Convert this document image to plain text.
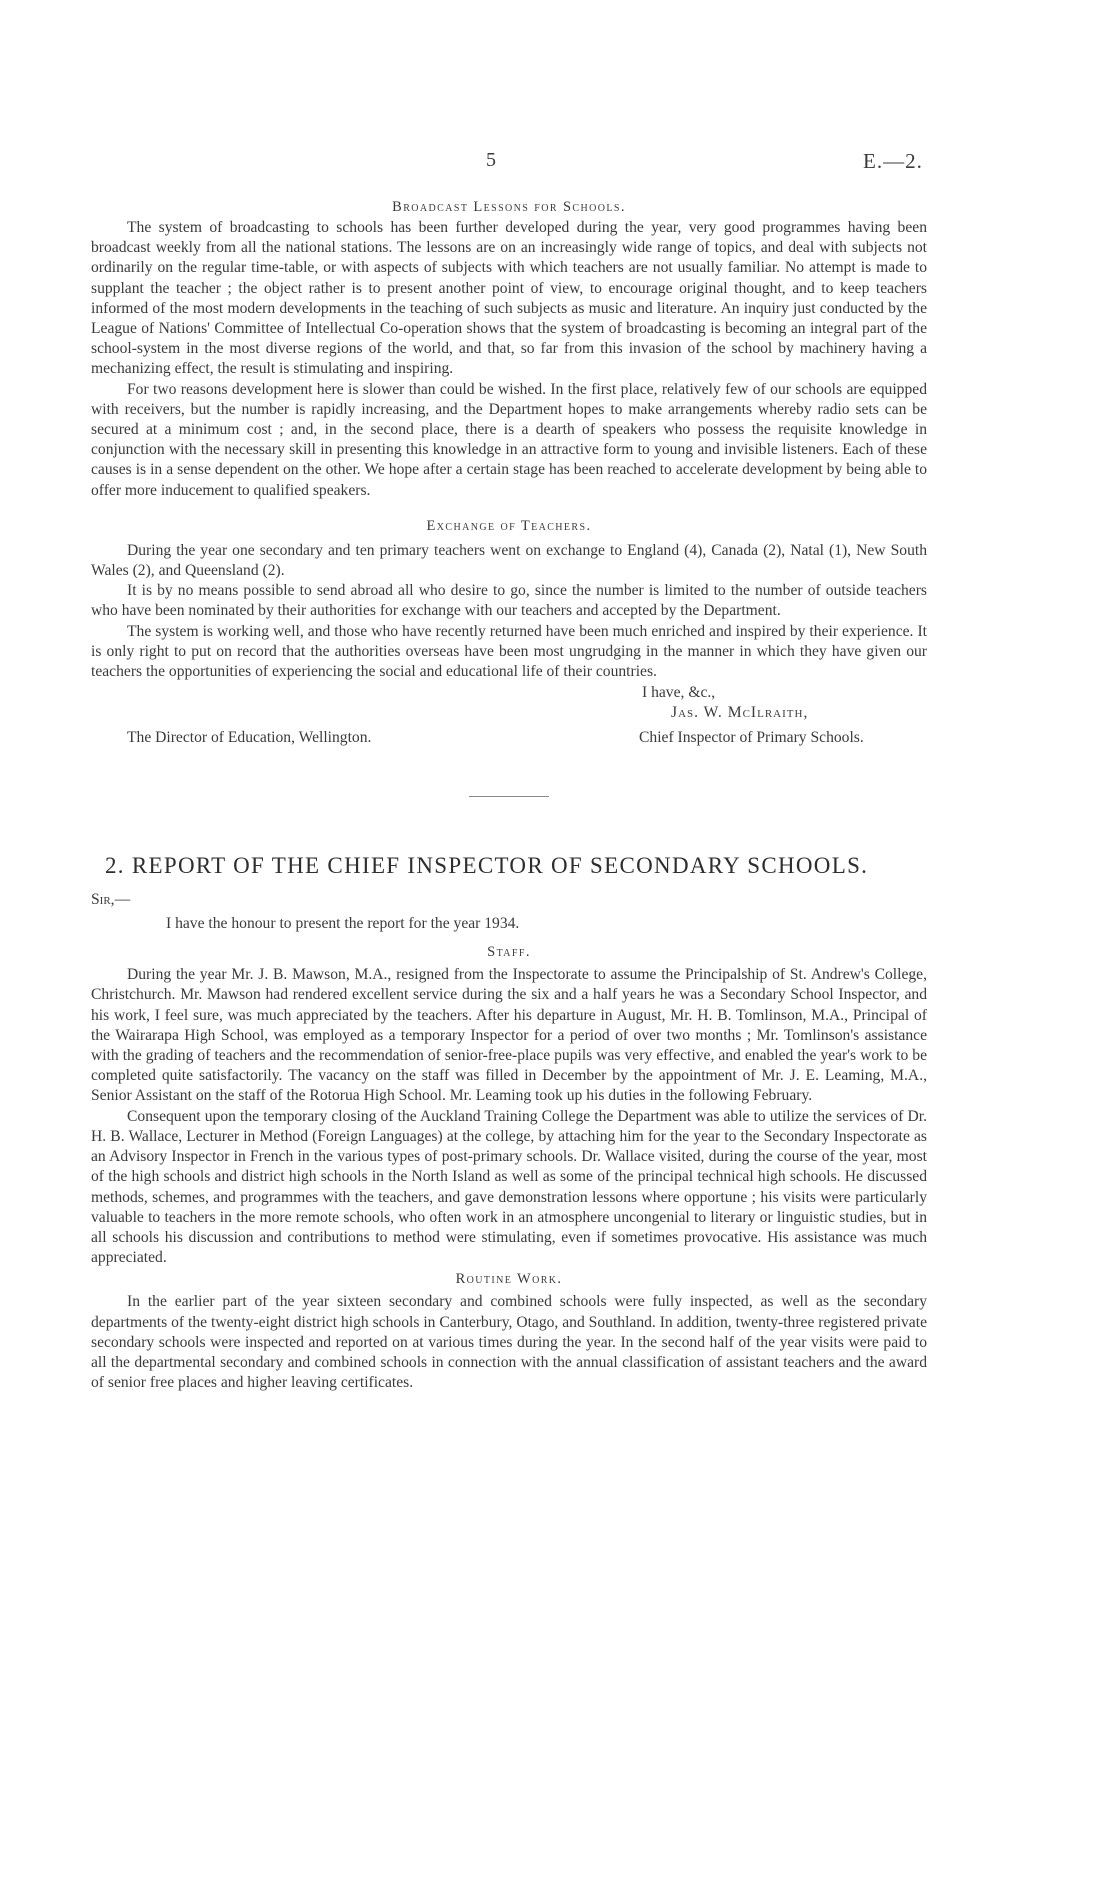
5	E.—2.
Broadcast Lessons for Schools.

The system of broadcasting to schools has been further developed during the year, very good programmes having been broadcast weekly from all the national stations. The lessons are on an increasingly wide range of topics, and deal with subjects not ordinarily on the regular time-table, or with aspects of subjects with which teachers are not usually familiar. No attempt is made to supplant the teacher ; the object rather is to present another point of view, to encourage original thought, and to keep teachers informed of the most modern developments in the teaching of such subjects as music and literature. An inquiry just conducted by the League of Nations' Committee of Intellectual Co-operation shows that the system of broadcasting is becoming an integral part of the school-system in the most diverse regions of the world, and that, so far from this invasion of the school by machinery having a mechanizing effect, the result is stimulating and inspiring.

For two reasons development here is slower than could be wished. In the first place, relatively few of our schools are equipped with receivers, but the number is rapidly increasing, and the Department hopes to make arrangements whereby radio sets can be secured at a minimum cost ; and, in the second place, there is a dearth of speakers who possess the requisite knowledge in conjunction with the necessary skill in presenting this knowledge in an attractive form to young and invisible listeners. Each of these causes is in a sense dependent on the other. We hope after a certain stage has been reached to accelerate development by being able to offer more inducement to qualified speakers.

Exchange of Teachers.

During the year one secondary and ten primary teachers went on exchange to England (4), Canada (2), Natal (1), New South Wales (2), and Queensland (2).

It is by no means possible to send abroad all who desire to go, since the number is limited to the number of outside teachers who have been nominated by their authorities for exchange with our teachers and accepted by the Department.

The system is working well, and those who have recently returned have been much enriched and inspired by their experience. It is only right to put on record that the authorities overseas have been most ungrudging in the manner in which they have given our teachers the opportunities of experiencing the social and educational life of their countries.

I have, &c.,
Jas. W. McIlraith,
The Director of Education, Wellington.	Chief Inspector of Primary Schools.
2. REPORT OF THE CHIEF INSPECTOR OF SECONDARY SCHOOLS.
Sir,—
I have the honour to present the report for the year 1934.
Staff.

During the year Mr. J. B. Mawson, M.A., resigned from the Inspectorate to assume the Principalship of St. Andrew's College, Christchurch. Mr. Mawson had rendered excellent service during the six and a half years he was a Secondary School Inspector, and his work, I feel sure, was much appreciated by the teachers. After his departure in August, Mr. H. B. Tomlinson, M.A., Principal of the Wairarapa High School, was employed as a temporary Inspector for a period of over two months ; Mr. Tomlinson's assistance with the grading of teachers and the recommendation of senior-free-place pupils was very effective, and enabled the year's work to be completed quite satisfactorily. The vacancy on the staff was filled in December by the appointment of Mr. J. E. Leaming, M.A., Senior Assistant on the staff of the Rotorua High School. Mr. Leaming took up his duties in the following February.

Consequent upon the temporary closing of the Auckland Training College the Department was able to utilize the services of Dr. H. B. Wallace, Lecturer in Method (Foreign Languages) at the college, by attaching him for the year to the Secondary Inspectorate as an Advisory Inspector in French in the various types of post-primary schools. Dr. Wallace visited, during the course of the year, most of the high schools and district high schools in the North Island as well as some of the principal technical high schools. He discussed methods, schemes, and programmes with the teachers, and gave demonstration lessons where opportune ; his visits were particularly valuable to teachers in the more remote schools, who often work in an atmosphere uncongenial to literary or linguistic studies, but in all schools his discussion and contributions to method were stimulating, even if sometimes provocative. His assistance was much appreciated.

Routine Work.

In the earlier part of the year sixteen secondary and combined schools were fully inspected, as well as the secondary departments of the twenty-eight district high schools in Canterbury, Otago, and Southland. In addition, twenty-three registered private secondary schools were inspected and reported on at various times during the year. In the second half of the year visits were paid to all the departmental secondary and combined schools in connection with the annual classification of assistant teachers and the award of senior free places and higher leaving certificates.
